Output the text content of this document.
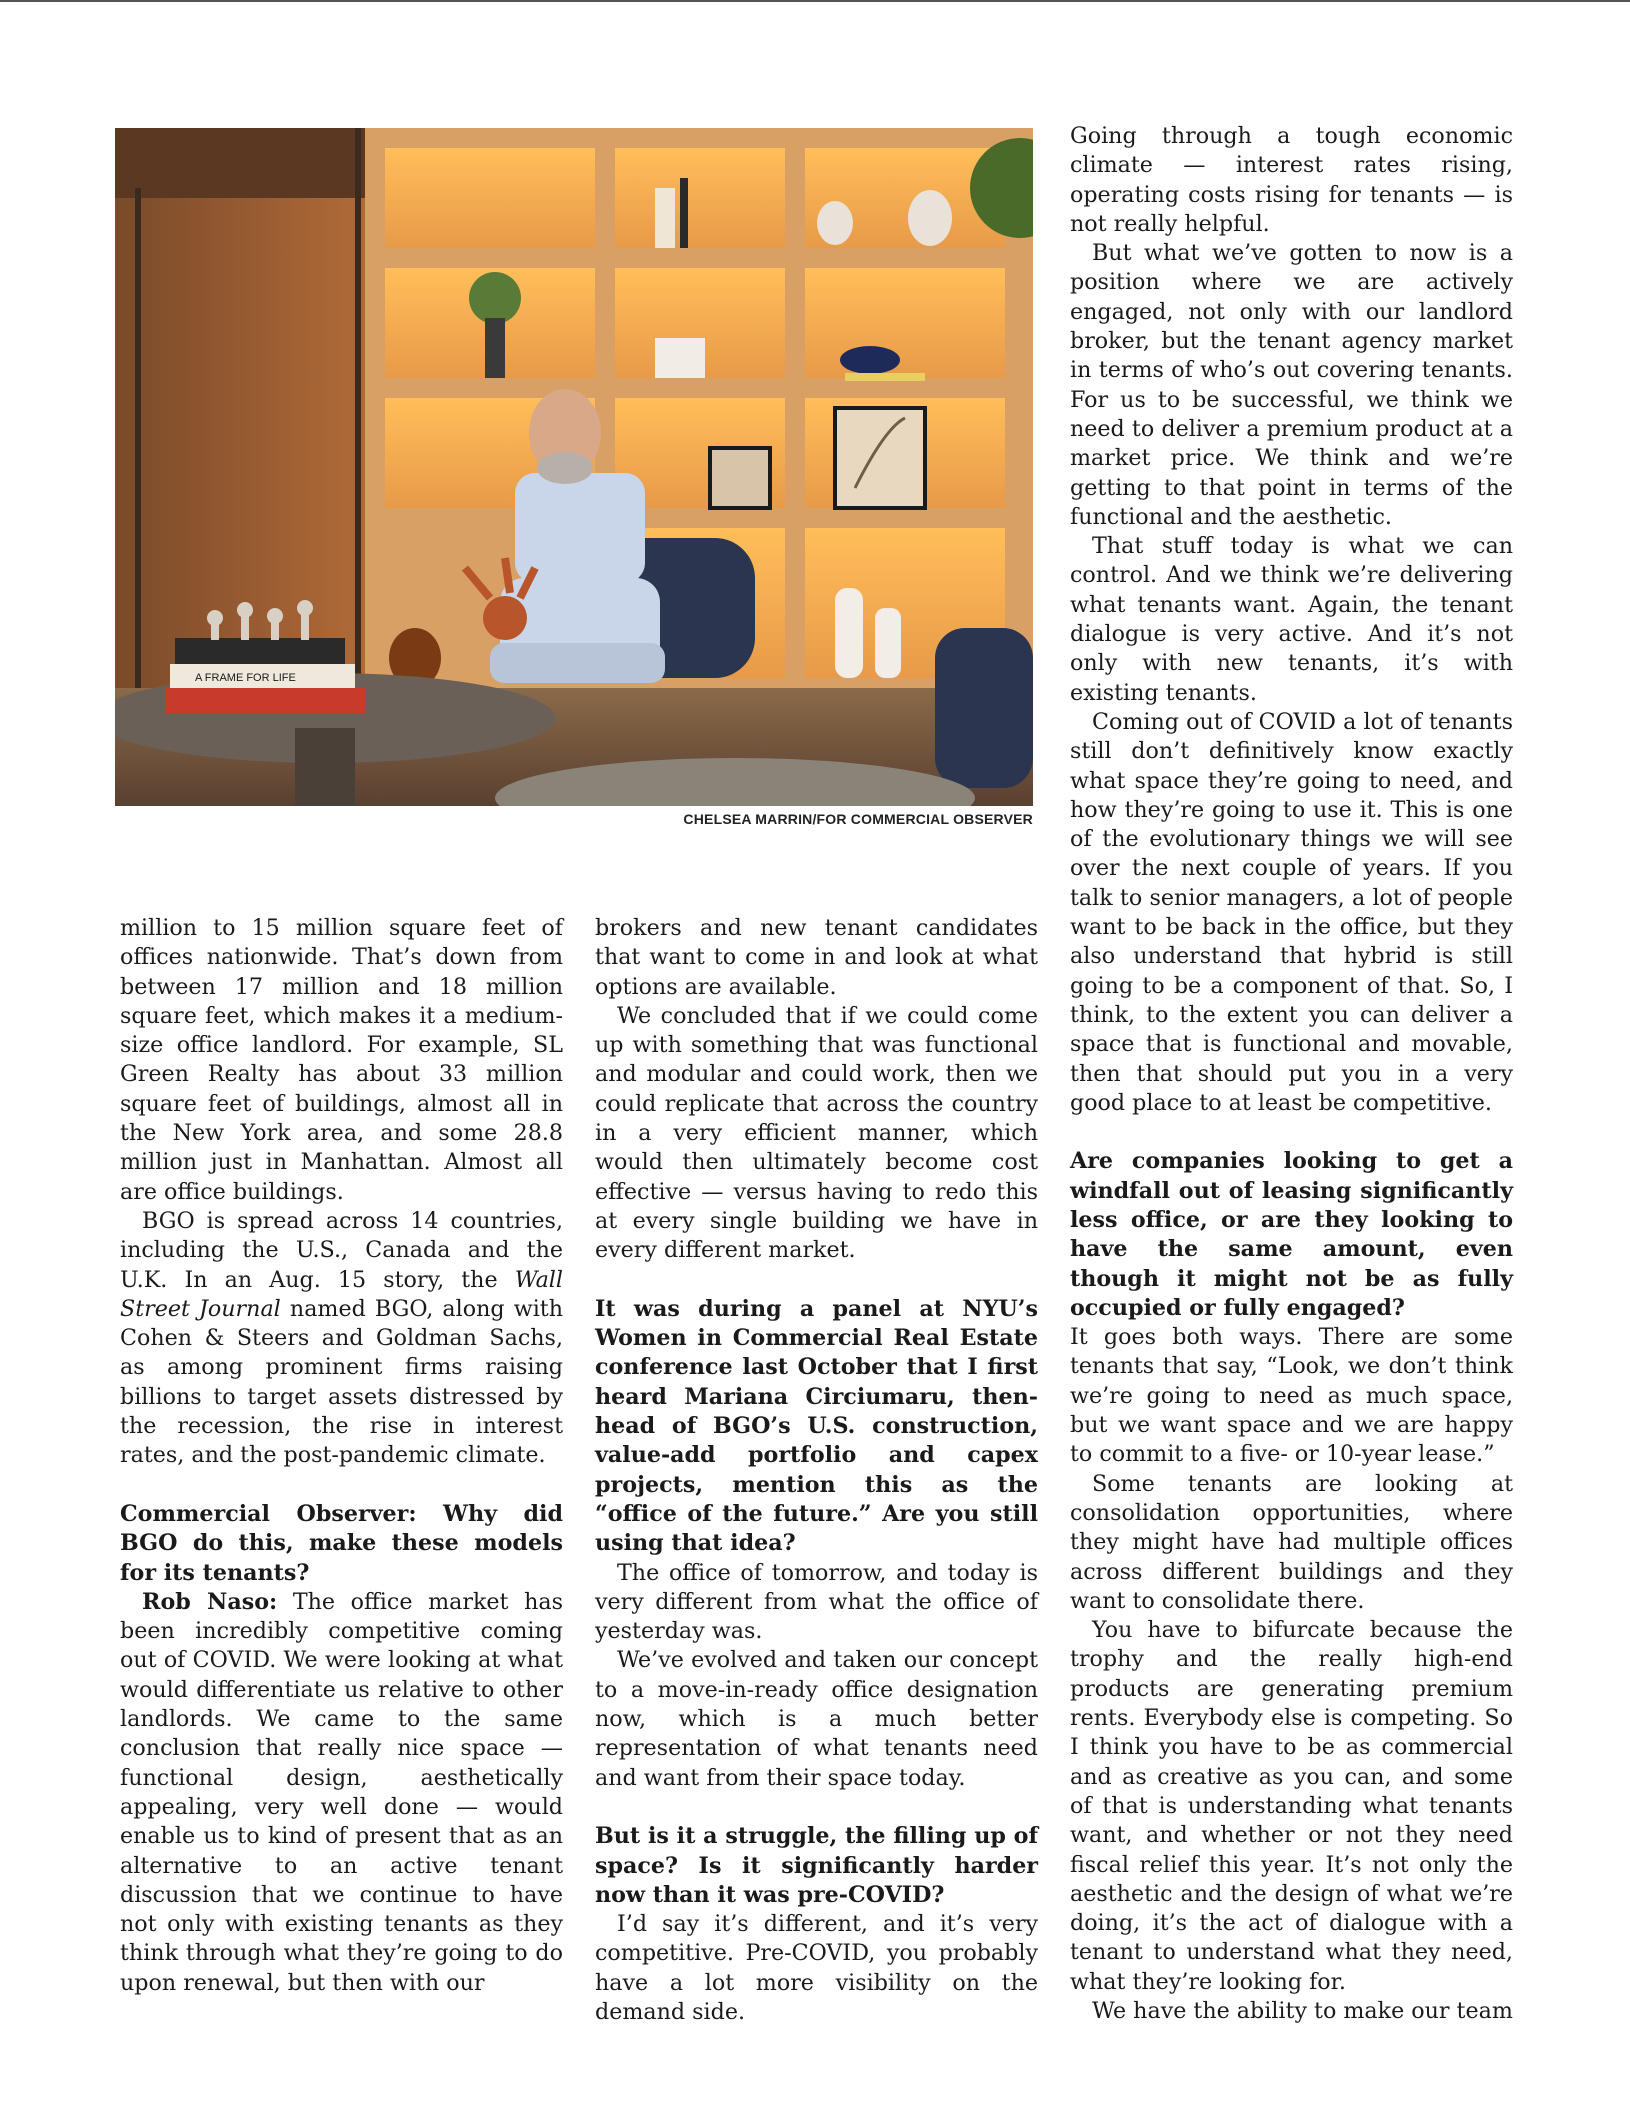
A FRAME FOR LIFE
CHELSEA MARRIN/FOR COMMERCIAL OBSERVER

million to 15 million square feet of offices nationwide. That’s down from between 17 million and 18 million square feet, which makes it a medium-size office landlord. For example, SL Green Realty has about 33 million square feet of buildings, almost all in the New York area, and some 28.8 million just in Manhattan. Almost all are office buildings.

BGO is spread across 14 countries, including the U.S., Canada and the U.K. In an Aug. 15 story, the Wall Street Journal named BGO, along with Cohen & Steers and Goldman Sachs, as among prominent firms raising billions to target assets distressed by the recession, the rise in interest rates, and the post-pandemic climate.

Commercial Observer: Why did BGO do this, make these models for its tenants?

Rob Naso: The office market has been incredibly competitive coming out of COVID. We were looking at what would differentiate us relative to other landlords. We came to the same conclusion that really nice space — functional design, aesthetically appealing, very well done — would enable us to kind of present that as an alternative to an active tenant discussion that we continue to have not only with existing tenants as they think through what they’re going to do upon renewal, but then with our

brokers and new tenant candidates that want to come in and look at what options are available.

We concluded that if we could come up with something that was functional and modular and could work, then we could replicate that across the country in a very efficient manner, which would then ultimately become cost effective — versus having to redo this at every single building we have in every different market.

It was during a panel at NYU’s Women in Commercial Real Estate conference last October that I first heard Mariana Circiumaru, then-head of BGO’s U.S. construction, value-add portfolio and capex projects, mention this as the “office of the future.” Are you still using that idea?

The office of tomorrow, and today is very different from what the office of yesterday was.

We’ve evolved and taken our concept to a move-in-ready office designation now, which is a much better representation of what tenants need and want from their space today.

But is it a struggle, the filling up of space? Is it significantly harder now than it was pre-COVID?

I’d say it’s different, and it’s very competitive. Pre-COVID, you probably have a lot more visibility on the demand side.

Going through a tough economic climate — interest rates rising, operating costs rising for tenants — is not really helpful.

But what we’ve gotten to now is a position where we are actively engaged, not only with our landlord broker, but the tenant agency market in terms of who’s out covering tenants. For us to be successful, we think we need to deliver a premium product at a market price. We think and we’re getting to that point in terms of the functional and the aesthetic.

That stuff today is what we can control. And we think we’re delivering what tenants want. Again, the tenant dialogue is very active. And it’s not only with new tenants, it’s with existing tenants.

Coming out of COVID a lot of tenants still don’t definitively know exactly what space they’re going to need, and how they’re going to use it. This is one of the evolutionary things we will see over the next couple of years. If you talk to senior managers, a lot of people want to be back in the office, but they also understand that hybrid is still going to be a component of that. So, I think, to the extent you can deliver a space that is functional and movable, then that should put you in a very good place to at least be competitive.

Are companies looking to get a windfall out of leasing significantly less office, or are they looking to have the same amount, even though it might not be as fully occupied or fully engaged?

It goes both ways. There are some tenants that say, “Look, we don’t think we’re going to need as much space, but we want space and we are happy to commit to a five- or 10-year lease.”

Some tenants are looking at consolidation opportunities, where they might have had multiple offices across different buildings and they want to consolidate there.

You have to bifurcate because the trophy and the really high-end products are generating premium rents. Everybody else is competing. So I think you have to be as commercial and as creative as you can, and some of that is understanding what tenants want, and whether or not they need fiscal relief this year. It’s not only the aesthetic and the design of what we’re doing, it’s the act of dialogue with a tenant to understand what they need, what they’re looking for.

We have the ability to make our team
